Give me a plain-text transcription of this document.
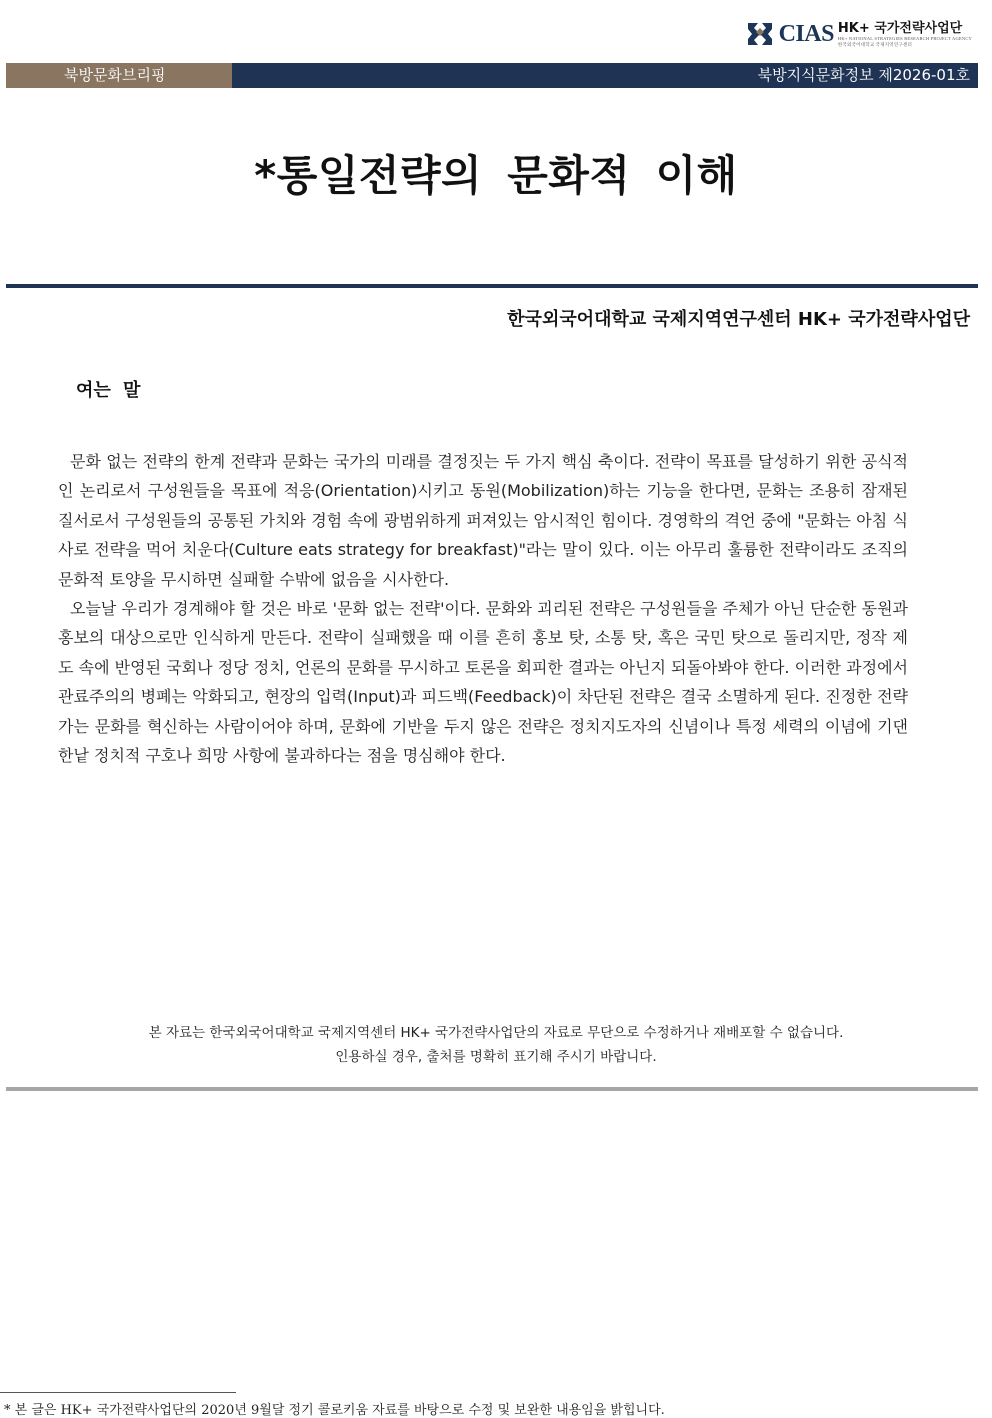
CIAS HK+ 국가전략사업단
HK+ NATIONAL STRATEGIES RESEARCH PROJECT AGENCY
한국외국어대학교 국제지역연구센터
북방문화브리핑	북방지식문화정보 제2026-01호
*통일전략의 문화적 이해
한국외국어대학교 국제지역연구센터 HK+ 국가전략사업단
여는 말

문화 없는 전략의 한계 전략과 문화는 국가의 미래를 결정짓는 두 가지 핵심 축이다. 전략이 목표를 달성하기 위한 공식적인 논리로서 구성원들을 목표에 적응(Orientation)시키고 동원(Mobilization)하는 기능을 한다면, 문화는 조용히 잠재된 질서로서 구성원들의 공통된 가치와 경험 속에 광범위하게 퍼져있는 암시적인 힘이다. 경영학의 격언 중에 "문화는 아침 식사로 전략을 먹어 치운다(Culture eats strategy for breakfast)"라는 말이 있다. 이는 아무리 훌륭한 전략이라도 조직의 문화적 토양을 무시하면 실패할 수밖에 없음을 시사한다.

오늘날 우리가 경계해야 할 것은 바로 '문화 없는 전략'이다. 문화와 괴리된 전략은 구성원들을 주체가 아닌 단순한 동원과 홍보의 대상으로만 인식하게 만든다. 전략이 실패했을 때 이를 흔히 홍보 탓, 소통 탓, 혹은 국민 탓으로 돌리지만, 정작 제도 속에 반영된 국회나 정당 정치, 언론의 문화를 무시하고 토론을 회피한 결과는 아닌지 되돌아봐야 한다. 이러한 과정에서 관료주의의 병폐는 악화되고, 현장의 입력(Input)과 피드백(Feedback)이 차단된 전략은 결국 소멸하게 된다. 진정한 전략가는 문화를 혁신하는 사람이어야 하며, 문화에 기반을 두지 않은 전략은 정치지도자의 신념이나 특정 세력의 이념에 기댄 한낱 정치적 구호나 희망 사항에 불과하다는 점을 명심해야 한다.

본 자료는 한국외국어대학교 국제지역센터 HK+ 국가전략사업단의 자료로 무단으로 수정하거나 재배포할 수 없습니다.
인용하실 경우, 출처를 명확히 표기해 주시기 바랍니다.
* 본 글은 HK+ 국가전략사업단의 2020년 9월달 정기 콜로키움 자료를 바탕으로 수정 및 보완한 내용임을 밝힙니다.
